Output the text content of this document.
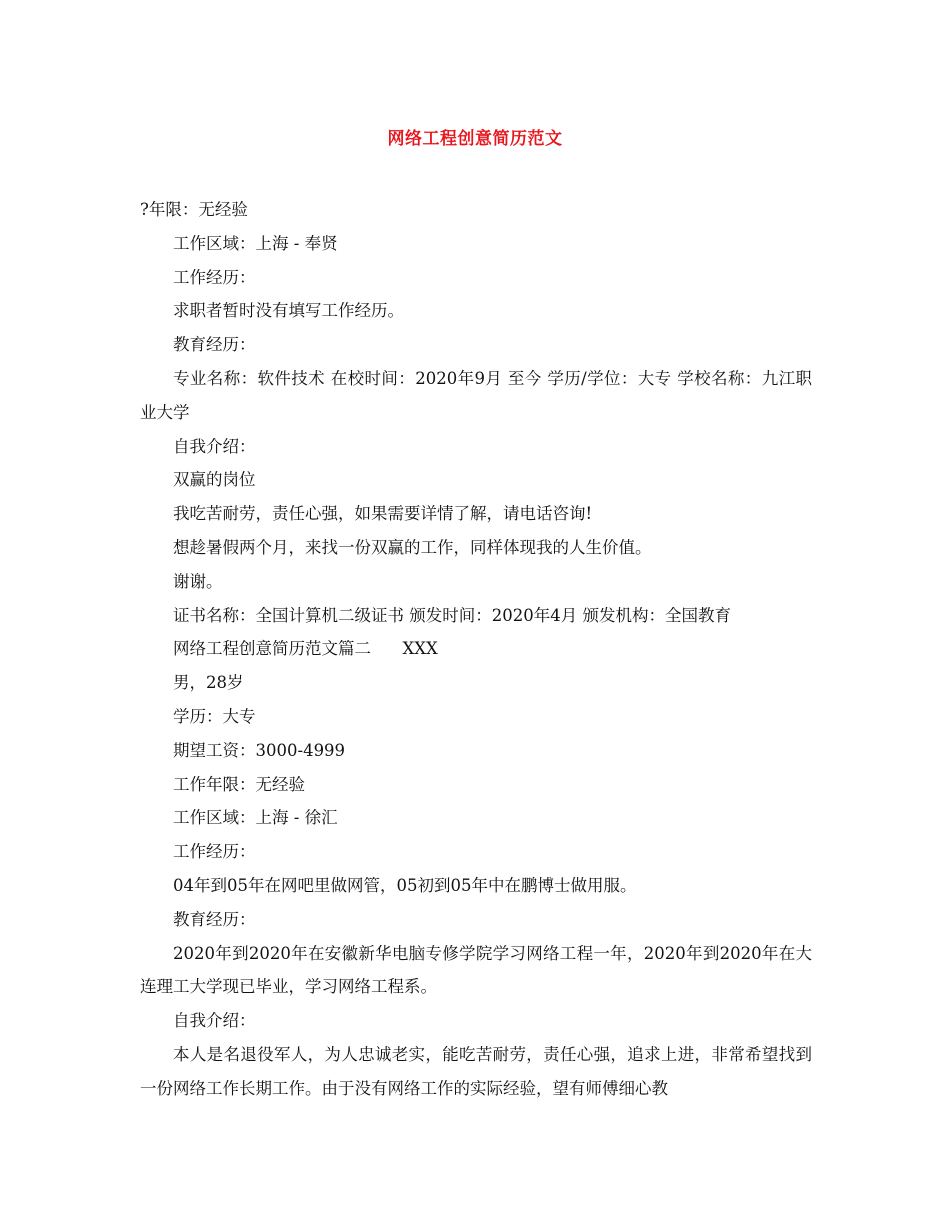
网络工程创意简历范文

?年限：无经验

工作区域：上海 - 奉贤

工作经历：

求职者暂时没有填写工作经历。

教育经历：

专业名称：软件技术 在校时间：2020年9月 至今 学历/学位：大专 学校名称：九江职业大学

自我介绍：

双赢的岗位

我吃苦耐劳，责任心强，如果需要详情了解，请电话咨询!

想趁暑假两个月，来找一份双赢的工作，同样体现我的人生价值。

谢谢。

证书名称：全国计算机二级证书 颁发时间：2020年4月 颁发机构：全国教育

网络工程创意简历范文篇二      XXX

男，28岁

学历：大专

期望工资：3000-4999

工作年限：无经验

工作区域：上海 - 徐汇

工作经历：

04年到05年在网吧里做网管，05初到05年中在鹏博士做用服。

教育经历：

2020年到2020年在安徽新华电脑专修学院学习网络工程一年，2020年到2020年在大连理工大学现已毕业，学习网络工程系。

自我介绍：

本人是名退役军人，为人忠诚老实，能吃苦耐劳，责任心强，追求上进，非常希望找到一份网络工作长期工作。由于没有网络工作的实际经验，望有师傅细心教
